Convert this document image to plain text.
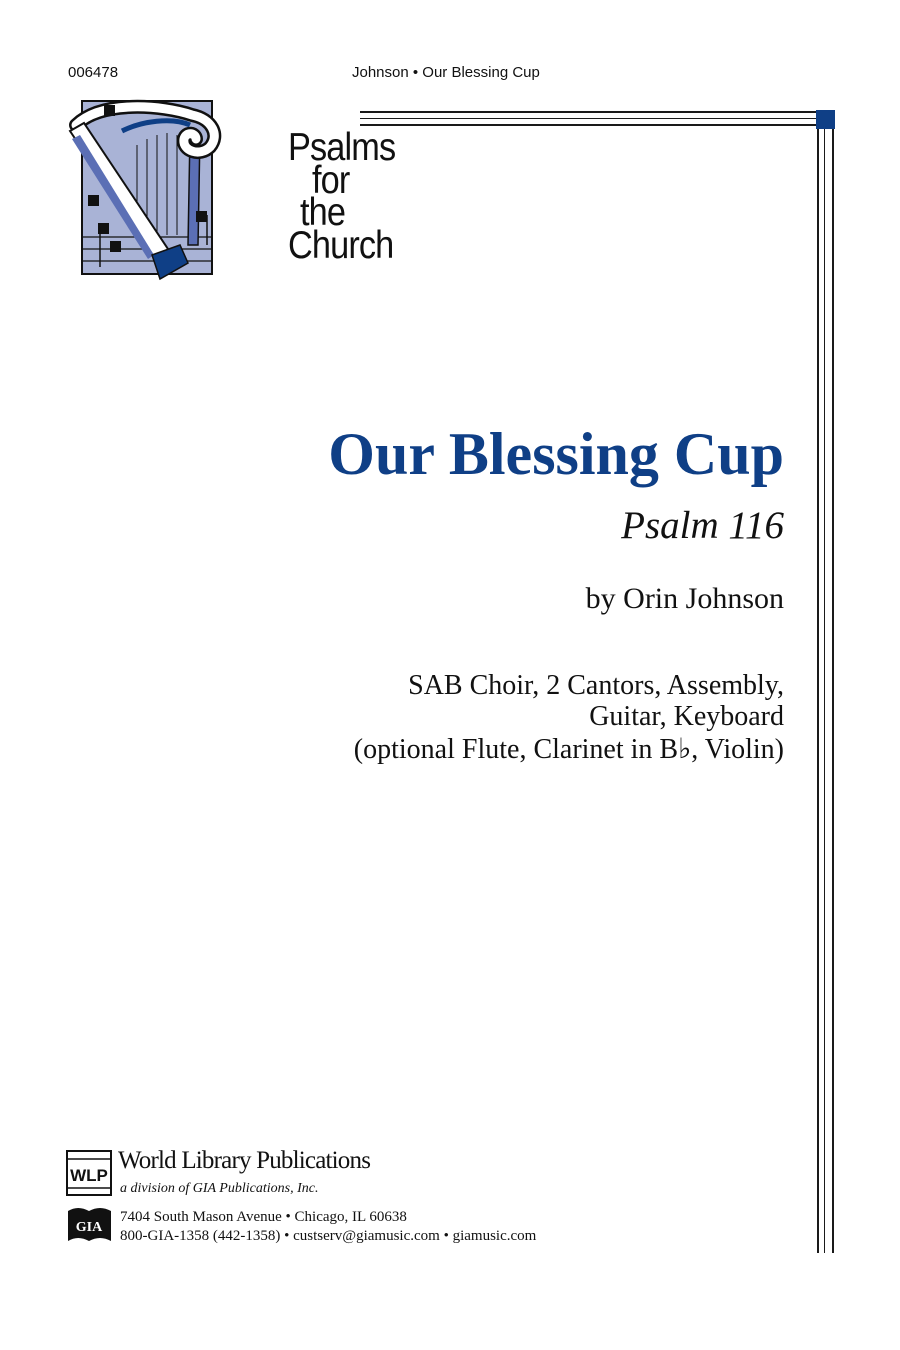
006478	Johnson • Our Blessing Cup
Psalms
for
the
Church
Our Blessing Cup
Psalm 116
by Orin Johnson
SAB Choir, 2 Cantors, Assembly,
Guitar, Keyboard
(optional Flute, Clarinet in B♭, Violin)
WLP
World Library Publications
a division of GIA Publications, Inc.
GIA
7404 South Mason Avenue • Chicago, IL 60638
800-GIA-1358 (442-1358) • custserv@giamusic.com • giamusic.com
